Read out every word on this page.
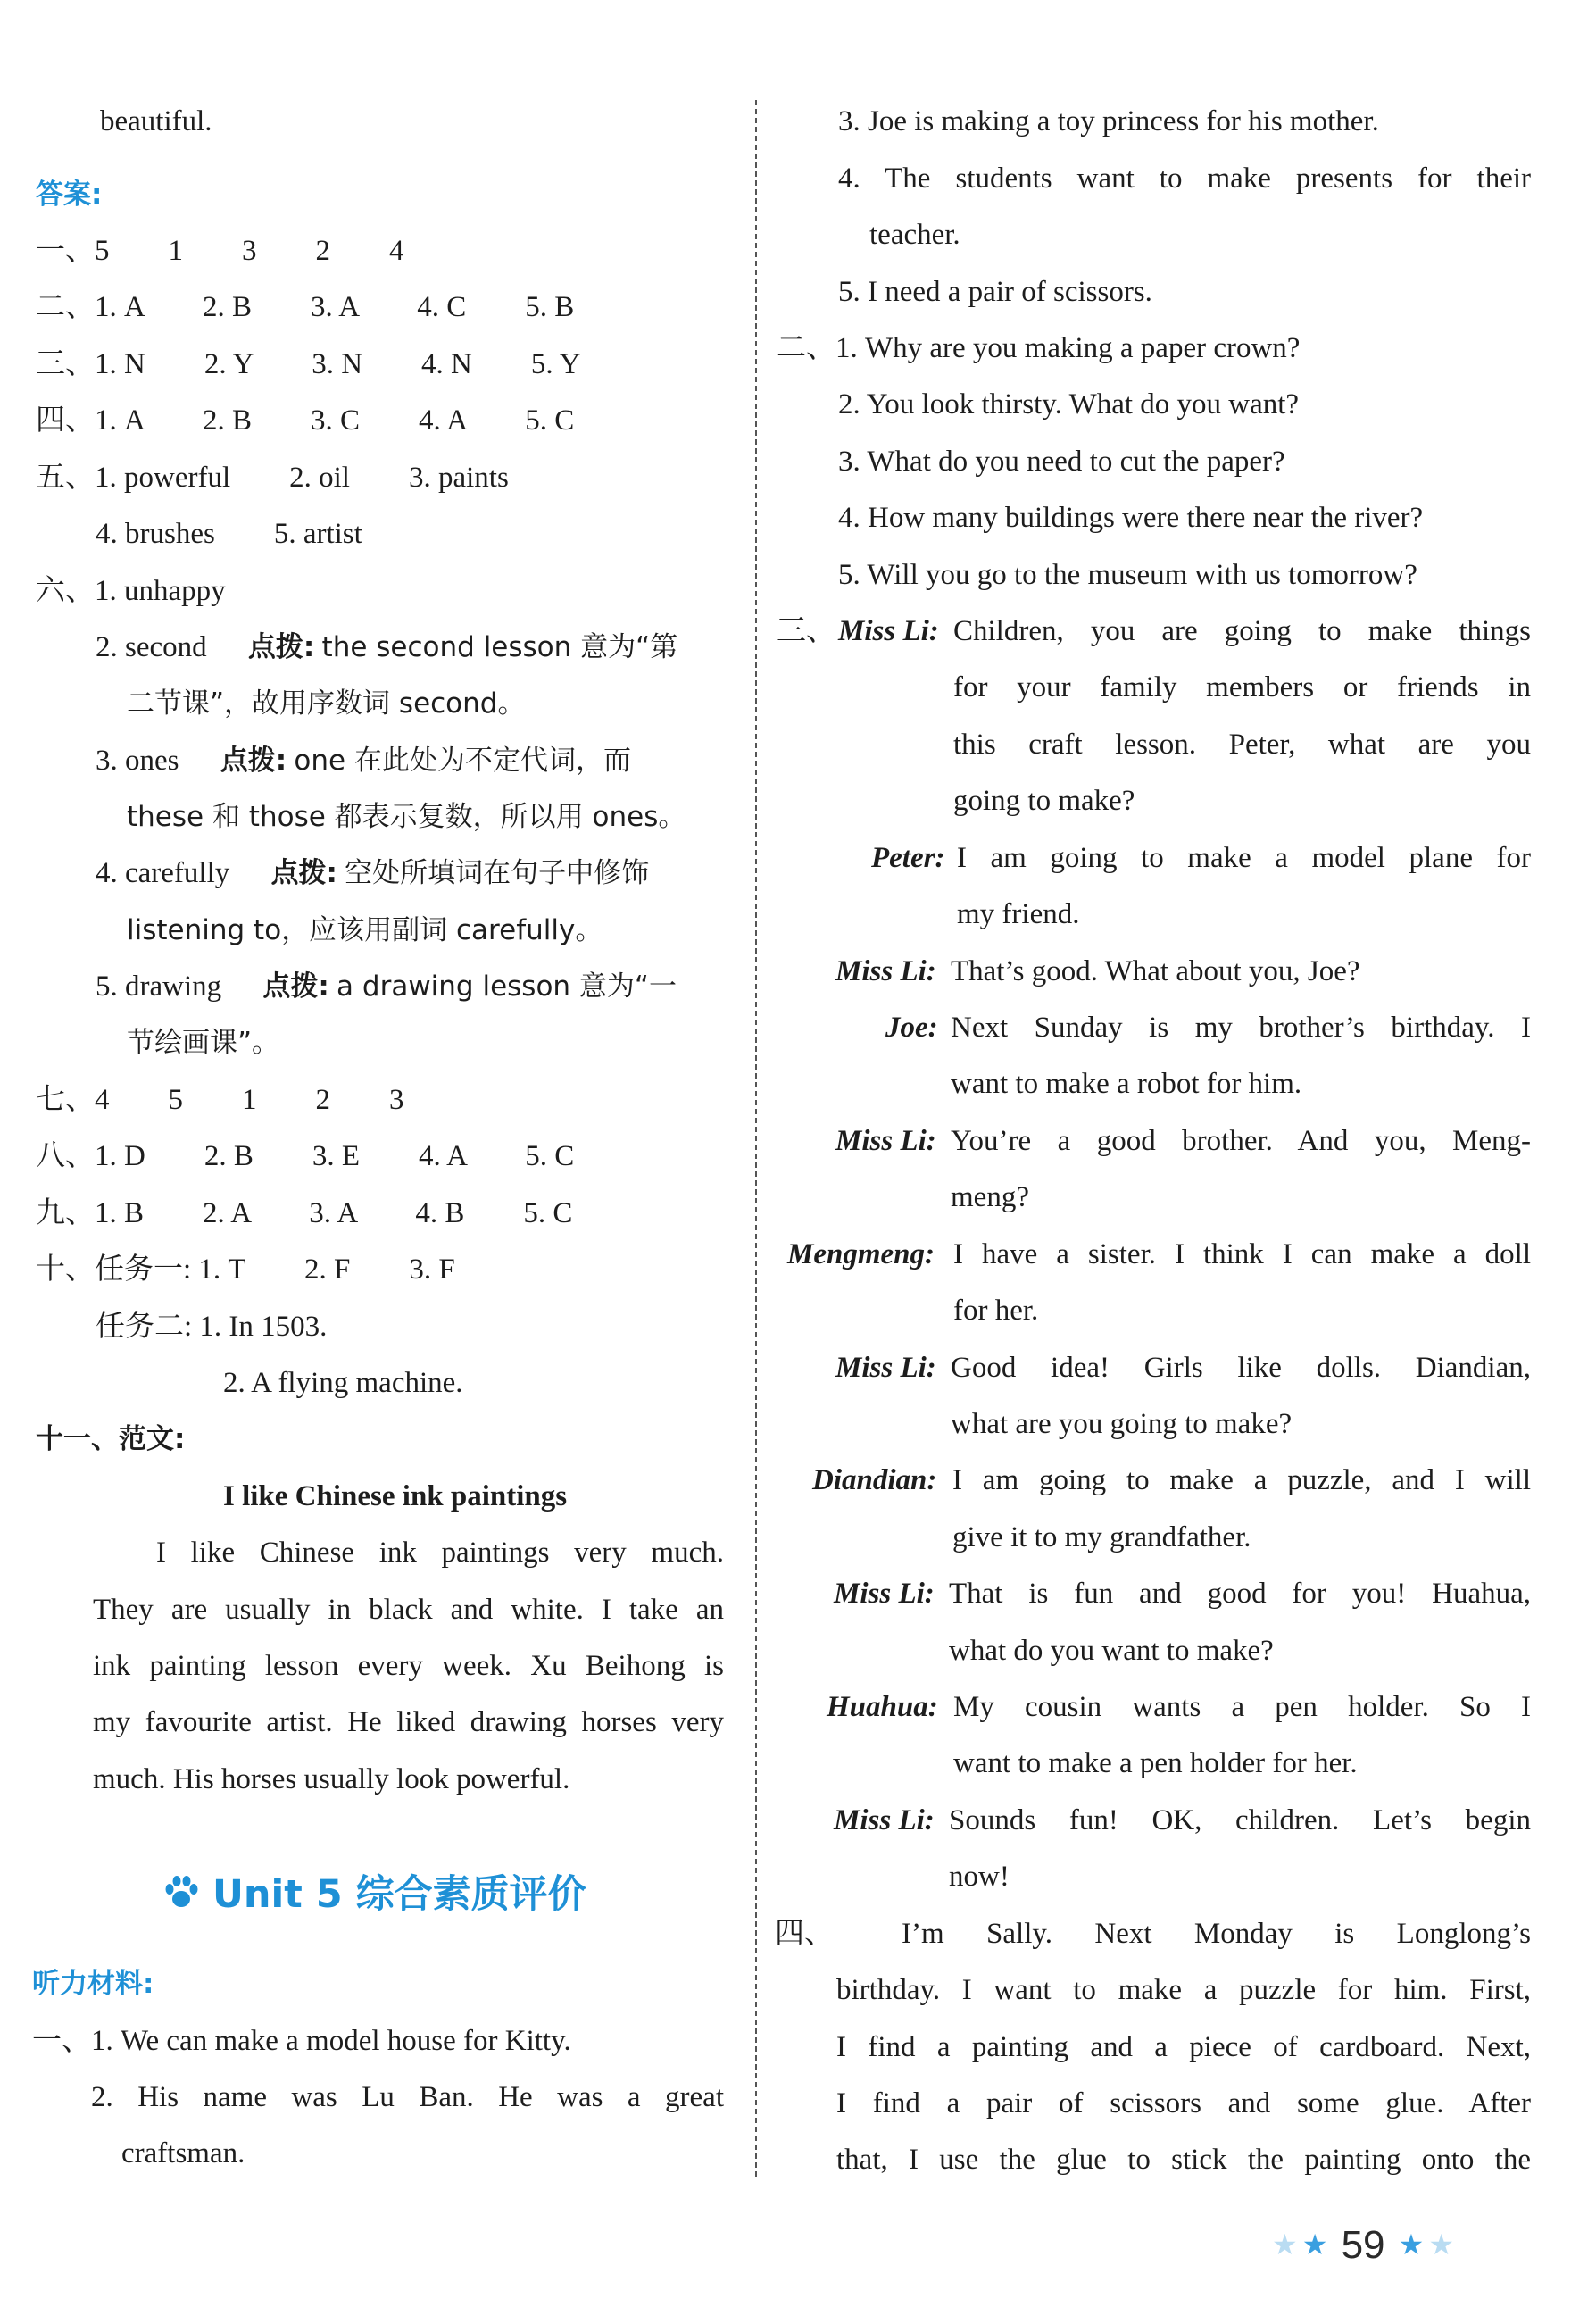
beautiful.
答案:
一、5　　1　　3　　2　　4
二、1. A　　2. B　　3. A　　4. C　　5. B
三、1. N　　2. Y　　3. N　　4. N　　5. Y
四、1. A　　2. B　　3. C　　4. A　　5. C
五、1. powerful　　2. oil　　3. paints
4. brushes　　5. artist
六、1. unhappy
2. second 点拨: the second lesson 意为“第
二节课”，故用序数词 second。
3. ones 点拨: one 在此处为不定代词，而
these 和 those 都表示复数，所以用 ones。
4. carefully 点拨: 空处所填词在句子中修饰
listening to，应该用副词 carefully。
5. drawing 点拨: a drawing lesson 意为“一
节绘画课”。
七、4　　5　　1　　2　　3
八、1. D　　2. B　　3. E　　4. A　　5. C
九、1. B　　2. A　　3. A　　4. B　　5. C
十、任务一: 1. T　　2. F　　3. F
任务二: 1. In 1503.
2. A flying machine.
十一、范文:
I like Chinese ink paintings
I like Chinese ink paintings very much.
They are usually in black and white. I take an
ink painting lesson every week. Xu Beihong is
my favourite artist. He liked drawing horses very
much. His horses usually look powerful.
听力材料:
一、1. We can make a model house for Kitty.
2. His name was Lu Ban. He was a great
craftsman.
Unit 5 综合素质评价
3. Joe is making a toy princess for his mother.
4. The students want to make presents for their
teacher.
5. I need a pair of scissors.
二、1. Why are you making a paper crown?
2. You look thirsty. What do you want?
3. What do you need to cut the paper?
4. How many buildings were there near the river?
5. Will you go to the museum with us tomorrow?
三、 Miss Li: Children, you are going to make things
for your family members or friends in
this craft lesson. Peter, what are you
going to make?
Peter: I am going to make a model plane for
my friend.
Miss Li: That’s good. What about you, Joe?
Joe: Next Sunday is my brother’s birthday. I
want to make a robot for him.
Miss Li: You’re a good brother. And you, Meng-
meng?
Mengmeng: I have a sister. I think I can make a doll
for her.
Miss Li: Good idea! Girls like dolls. Diandian,
what are you going to make?
Diandian: I am going to make a puzzle, and I will
give it to my grandfather.
Miss Li: That is fun and good for you! Huahua,
what do you want to make?
Huahua: My cousin wants a pen holder. So I
want to make a pen holder for her.
Miss Li: Sounds fun! OK, children. Let’s begin
now!
四、 I’m Sally. Next Monday is Longlong’s
birthday. I want to make a puzzle for him. First,
I find a painting and a piece of cardboard. Next,
I find a pair of scissors and some glue. After
that, I use the glue to stick the painting onto the
★ ★ 59 ★ ★
